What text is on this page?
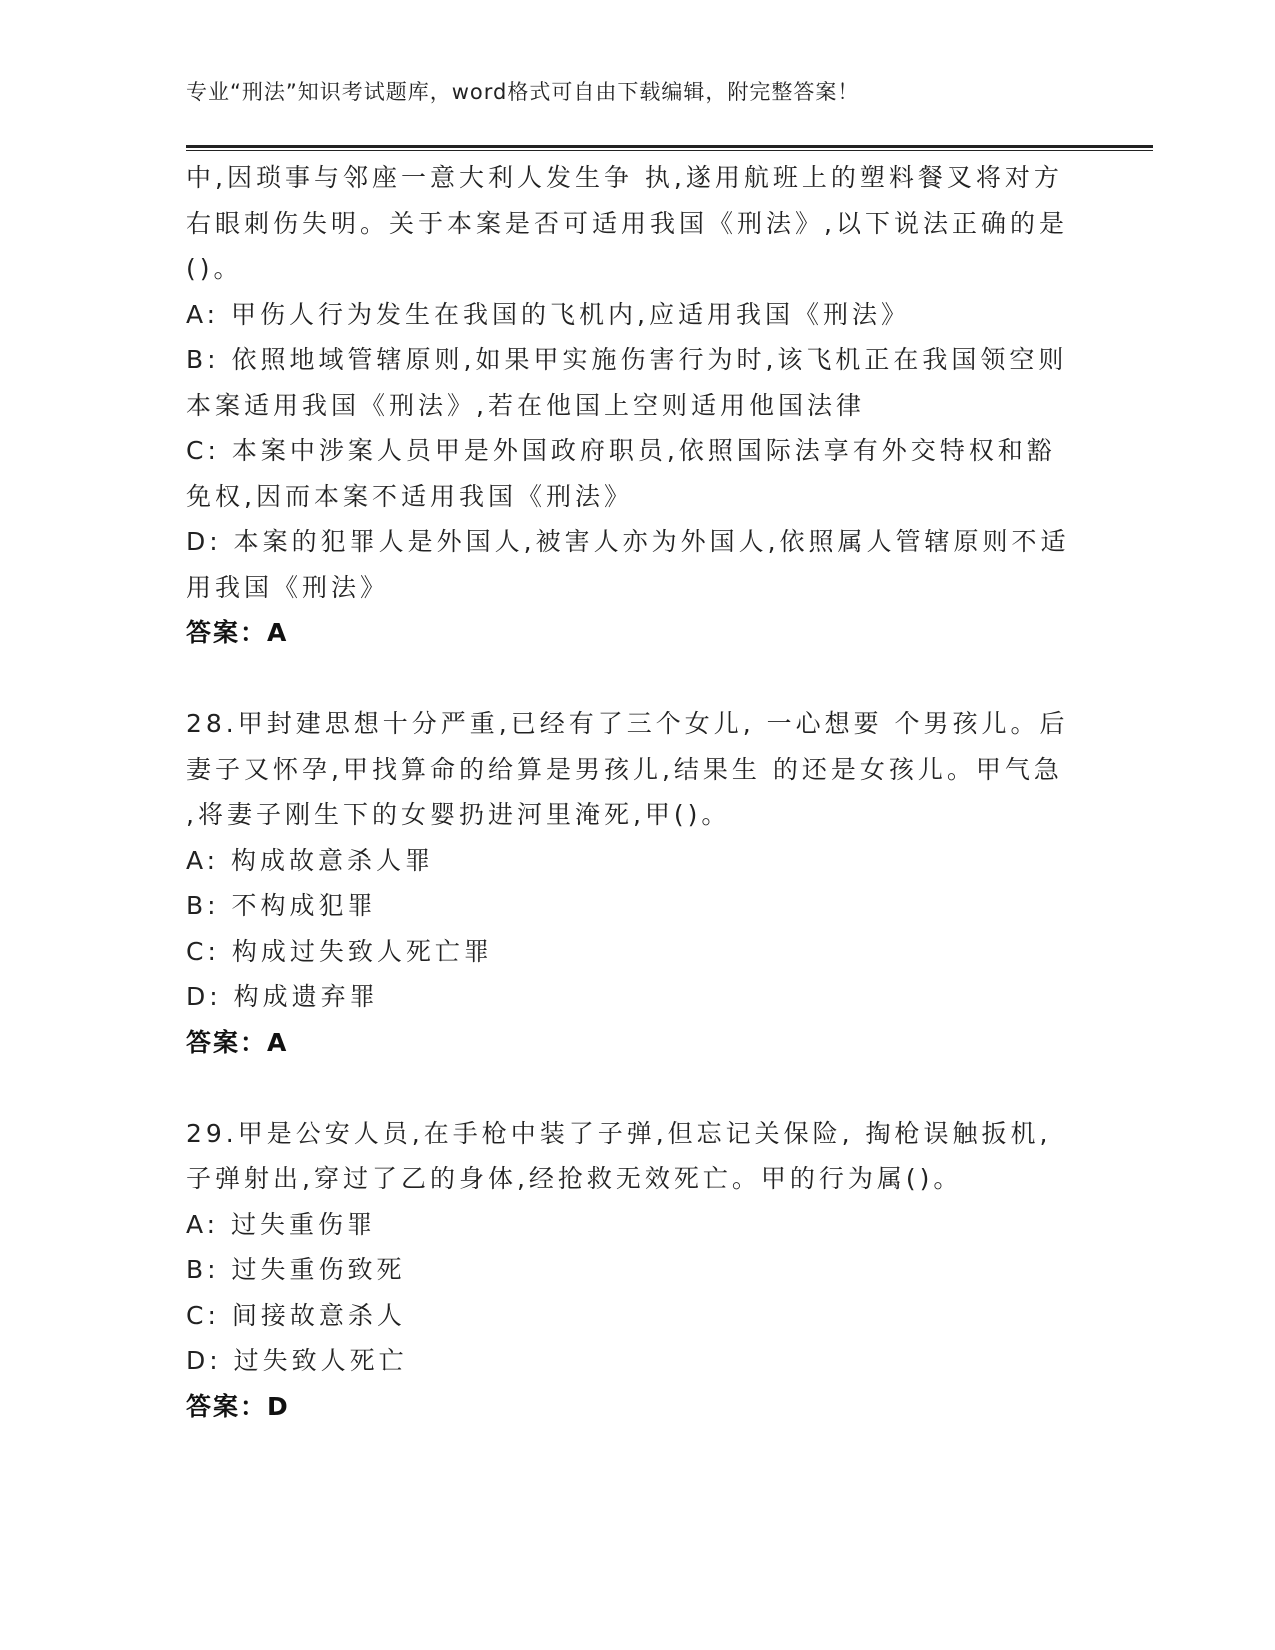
专业“刑法”知识考试题库，word格式可自由下载编辑，附完整答案！
中,因琐事与邻座一意大利人发生争 执,遂用航班上的塑料餐叉将对方
右眼刺伤失明。关于本案是否可适用我国《刑法》,以下说法正确的是
()。
A: 甲伤人行为发生在我国的飞机内,应适用我国《刑法》
B: 依照地域管辖原则,如果甲实施伤害行为时,该飞机正在我国领空则
本案适用我国《刑法》,若在他国上空则适用他国法律
C: 本案中涉案人员甲是外国政府职员,依照国际法享有外交特权和豁
免权,因而本案不适用我国《刑法》
D: 本案的犯罪人是外国人,被害人亦为外国人,依照属人管辖原则不适
用我国《刑法》
答案：A
28.甲封建思想十分严重,已经有了三个女儿, 一心想要 个男孩儿。后
妻子又怀孕,甲找算命的给算是男孩儿,结果生 的还是女孩儿。甲气急
,将妻子刚生下的女婴扔进河里淹死,甲()。
A: 构成故意杀人罪
B: 不构成犯罪
C: 构成过失致人死亡罪
D: 构成遗弃罪
答案：A
29.甲是公安人员,在手枪中装了子弹,但忘记关保险, 掏枪误触扳机,
子弹射出,穿过了乙的身体,经抢救无效死亡。甲的行为属()。
A: 过失重伤罪
B: 过失重伤致死
C: 间接故意杀人
D: 过失致人死亡
答案：D
